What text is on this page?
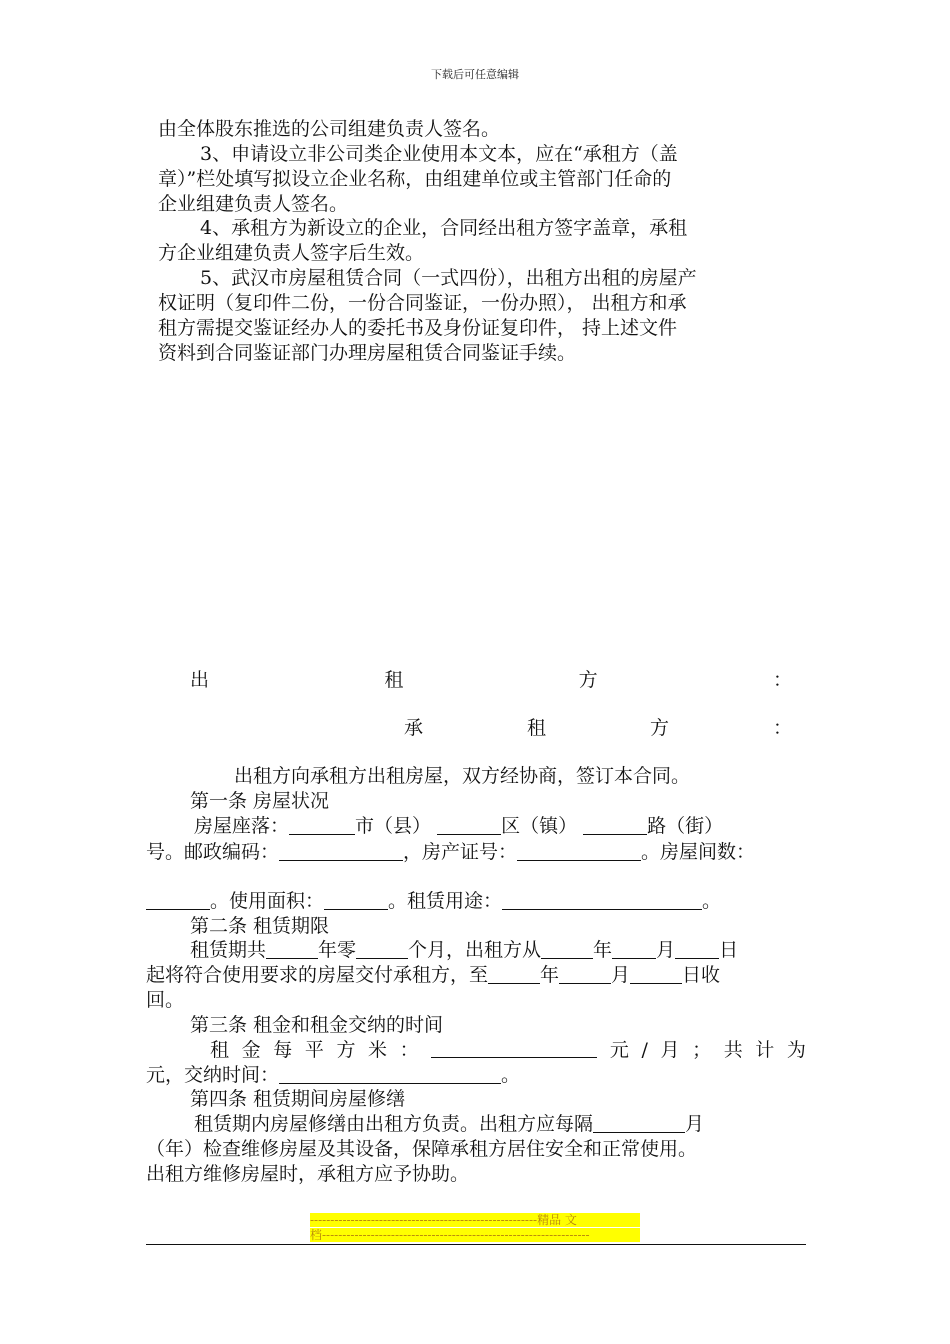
下载后可任意编辑
由全体股东推选的公司组建负责人签名。
3、申请设立非公司类企业使用本文本，应在“承租方（盖
章）”栏处填写拟设立企业名称，由组建单位或主管部门任命的
企业组建负责人签名。
4、承租方为新设立的企业，合同经出租方签字盖章，承租
方企业组建负责人签字后生效。
5、武汉市房屋租赁合同（一式四份），出租方出租的房屋产
权证明（复印件二份，一份合同鉴证，一份办照）， 出租方和承
租方需提交鉴证经办人的委托书及身份证复印件， 持上述文件
资料到合同鉴证部门办理房屋租赁合同鉴证手续。
出	租	方	：
承	租	方	：
出租方向承租方出租房屋，双方经协商，签订本合同。
第一条 房屋状况
房屋座落：	市（县）	区（镇）	路（街）
号。邮政编码：	，房产证号：	。房屋间数：
。使用面积：	。租赁用途：	。
第二条 租赁期限
租赁期共	年零	个月，出租方从	年 月 日
起将符合使用要求的房屋交付承租方，至	年	月	日收
回。
第三条 租金和租金交纳的时间
租 金 每 平 方 米 ：	元 / 月 ； 共 计 为
元，交纳时间：	。
第四条 租赁期间房屋修缮
租赁期内房屋修缮由出租方负责。出租方应每隔	月
（年）检查维修房屋及其设备，保障承租方居住安全和正常使用。
出租方维修房屋时，承租方应予协助。
--------------------------------------------------------精品 文
档------------------------------------------------------------------
